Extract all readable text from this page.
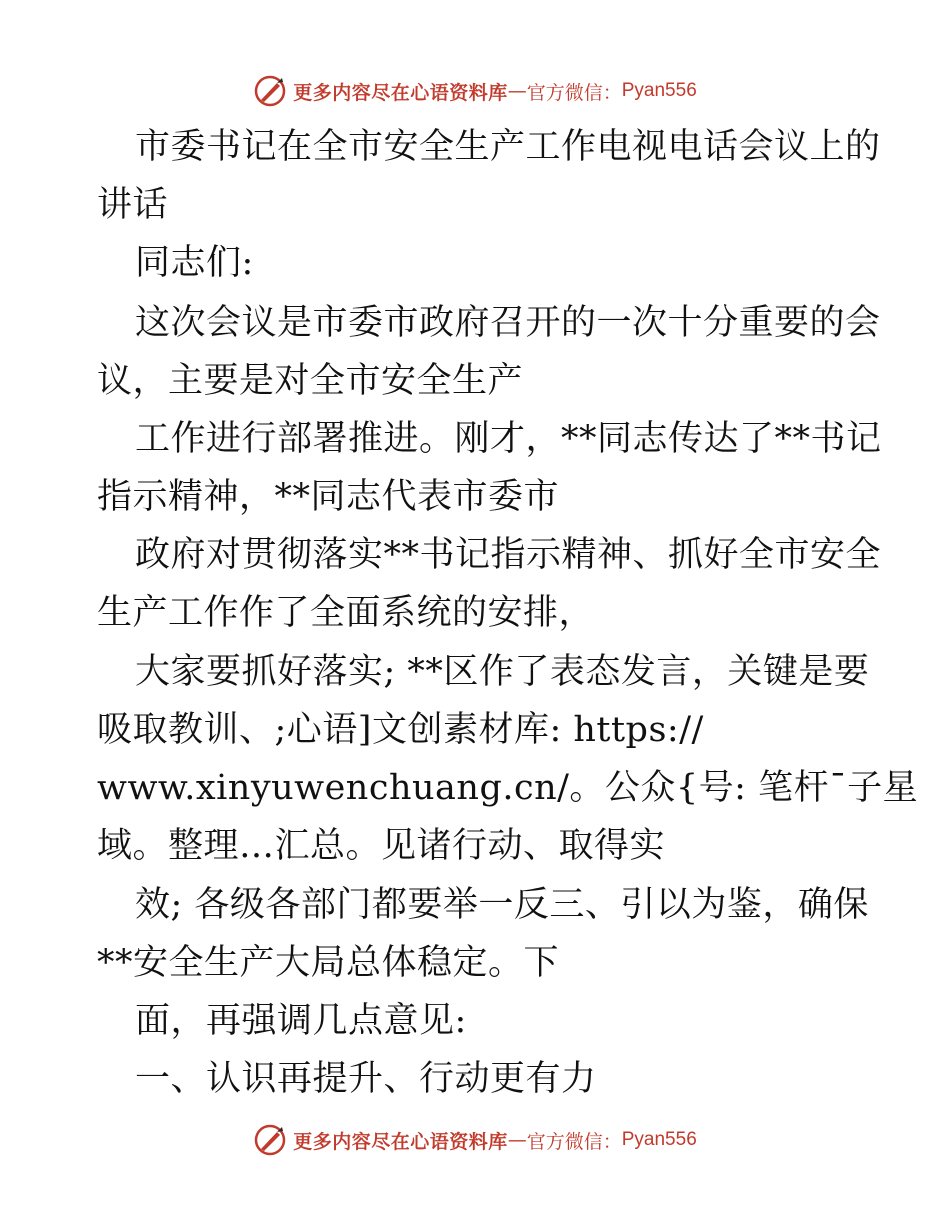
更多内容尽在心语资料库 — 官方微信： Pyan556
市委书记在全市安全生产工作电视电话会议上的
讲话
同志们:
这次会议是市委市政府召开的一次十分重要的会
议，主要是对全市安全生产
工作进行部署推进。刚才，**同志传达了**书记
指示精神，**同志代表市委市
政府对贯彻落实**书记指示精神、抓好全市安全
生产工作作了全面系统的安排，
大家要抓好落实; **区作了表态发言，关键是要
吸取教训、;心语]文创素材库: https://
www.xinyuwenchuang.cn/。公众{号: 笔杆¯子星
域。整理…汇总。见诸行动、取得实
效; 各级各部门都要举一反三、引以为鉴，确保
**安全生产大局总体稳定。下
面，再强调几点意见:
一、认识再提升、行动更有力
更多内容尽在心语资料库 — 官方微信： Pyan556
